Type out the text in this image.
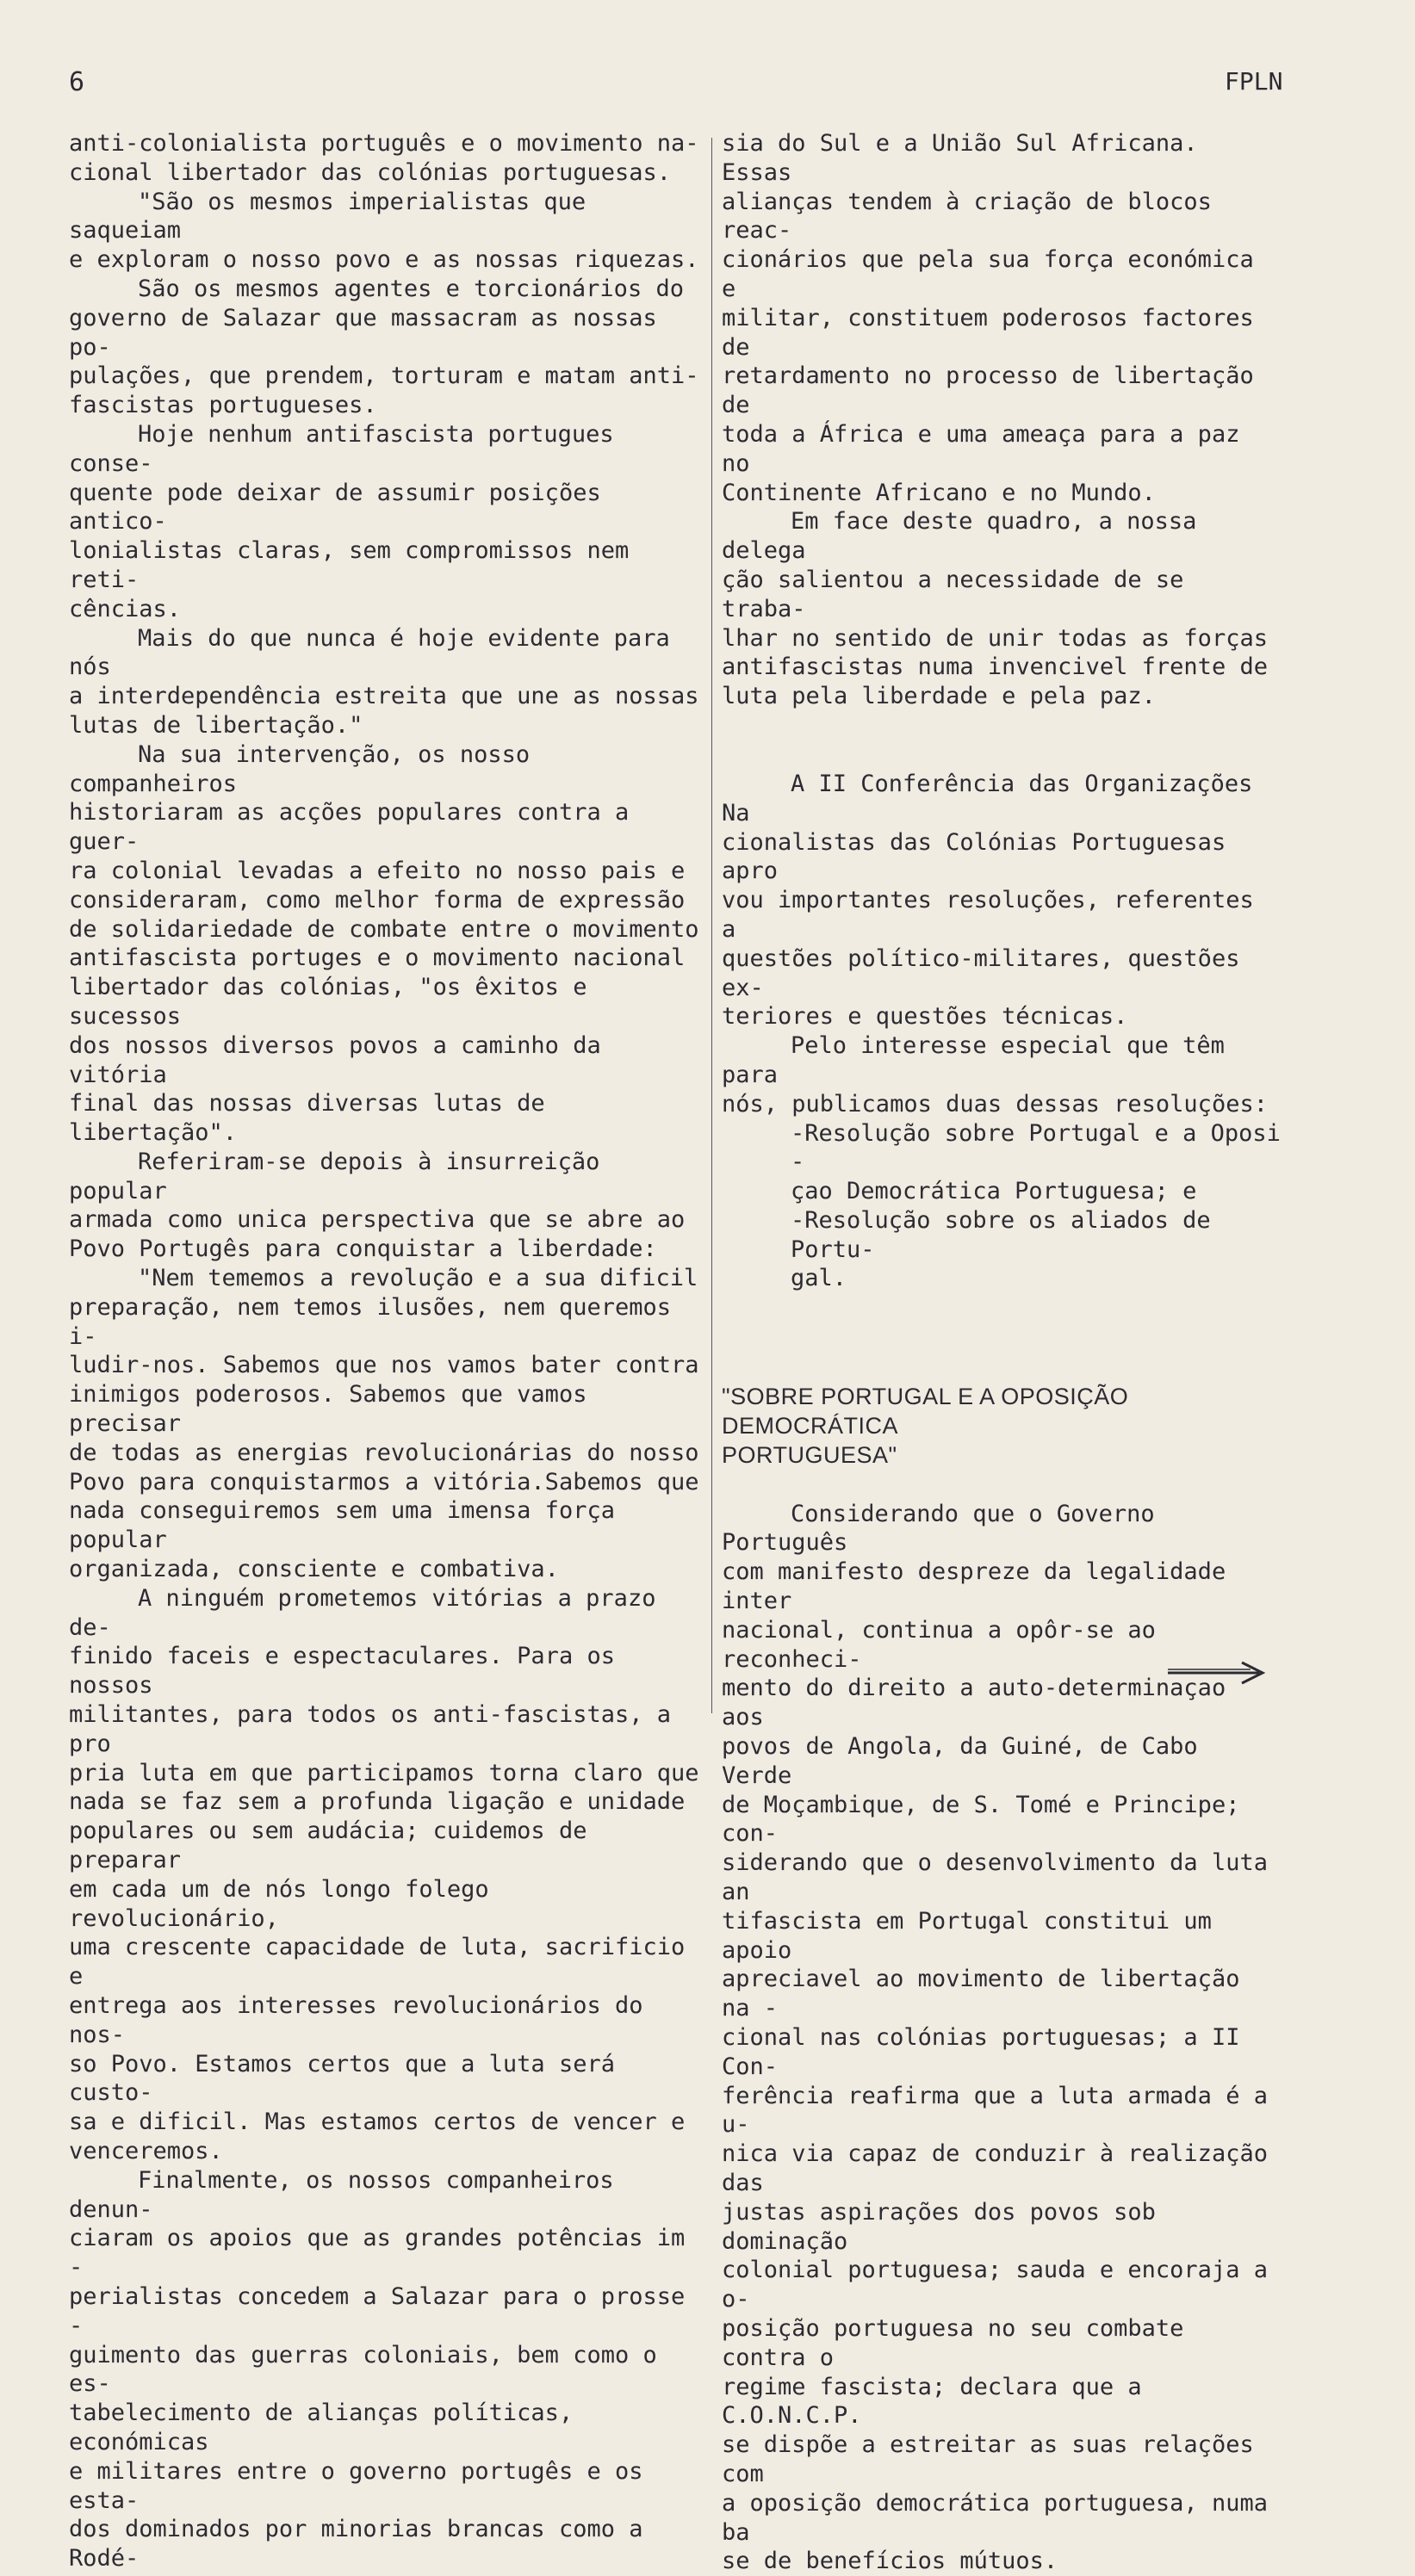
6	FPLN

anti-colonialista português e o movimento na-
cional libertador das colónias portuguesas.

"São os mesmos imperialistas que saqueiam
e exploram o nosso povo e as nossas riquezas.

São os mesmos agentes e torcionários do
governo de Salazar que massacram as nossas po-
pulações, que prendem, torturam e matam anti-
fascistas portugueses.

Hoje nenhum antifascista portugues conse-
quente pode deixar de assumir posições antico-
lonialistas claras, sem compromissos nem reti-
cências.

Mais do que nunca é hoje evidente para nós
a interdependência estreita que une as nossas
lutas de libertação."

Na sua intervenção, os nosso companheiros
historiaram as acções populares contra a guer-
ra colonial levadas a efeito no nosso pais e
consideraram, como melhor forma de expressão
de solidariedade de combate entre o movimento
antifascista portuges e o movimento nacional
libertador das colónias, "os êxitos e sucessos
dos nossos diversos povos a caminho da vitória
final das nossas diversas lutas de libertação".

Referiram-se depois à insurreição popular
armada como unica perspectiva que se abre ao
Povo Portugês para conquistar a liberdade:

"Nem tememos a revolução e a sua dificil
preparação, nem temos ilusões, nem queremos i-
ludir-nos. Sabemos que nos vamos bater contra
inimigos poderosos. Sabemos que vamos precisar
de todas as energias revolucionárias do nosso
Povo para conquistarmos a vitória.Sabemos que
nada conseguiremos sem uma imensa força popular
organizada, consciente e combativa.

A ninguém prometemos vitórias a prazo de-
finido faceis e espectaculares. Para os nossos
militantes, para todos os anti-fascistas, a pro
pria luta em que participamos torna claro que
nada se faz sem a profunda ligação e unidade
populares ou sem audácia; cuidemos de preparar
em cada um de nós longo folego revolucionário,
uma crescente capacidade de luta, sacrificio e
entrega aos interesses revolucionários do nos-
so Povo. Estamos certos que a luta será custo-
sa e dificil. Mas estamos certos de vencer e
venceremos.

Finalmente, os nossos companheiros denun-
ciaram os apoios que as grandes potências im -
perialistas concedem a Salazar para o prosse -
guimento das guerras coloniais, bem como o es-
tabelecimento de alianças políticas, económicas
e militares entre o governo portugês e os esta-
dos dominados por minorias brancas como a Rodé-

sia do Sul e a União Sul Africana. Essas
alianças tendem à criação de blocos reac-
cionários que pela sua força económica e
militar, constituem poderosos factores de
retardamento no processo de libertação de
toda a África e uma ameaça para a paz no
Continente Africano e no Mundo.

Em face deste quadro, a nossa delega
ção salientou a necessidade de se traba-
lhar no sentido de unir todas as forças
antifascistas numa invencivel frente de
luta pela liberdade e pela paz.

A II Conferência das Organizações Na
cionalistas das Colónias Portuguesas apro
vou importantes resoluções, referentes a
questões político-militares, questões ex-
teriores e questões técnicas.

Pelo interesse especial que têm para
nós, publicamos duas dessas resoluções:

-Resolução sobre Portugal e a Oposi -
çao Democrática Portuguesa; e

-Resolução sobre os aliados de Portu-
gal.

"SOBRE PORTUGAL E A OPOSIÇÃO DEMOCRÁTICA
PORTUGUESA"

Considerando que o Governo Português
com manifesto despreze da legalidade inter
nacional, continua a opôr-se ao reconheci-
mento do direito a auto-determinaçao aos
povos de Angola, da Guiné, de Cabo Verde
de Moçambique, de S. Tomé e Principe; con-
siderando que o desenvolvimento da luta an
tifascista em Portugal constitui um apoio
apreciavel ao movimento de libertação na -
cional nas colónias portuguesas; a II Con-
ferência reafirma que a luta armada é a u-
nica via capaz de conduzir à realização das
justas aspirações dos povos sob dominação
colonial portuguesa; sauda e encoraja a o-
posição portuguesa no seu combate contra o
regime fascista; declara que a C.O.N.C.P.
se dispõe a estreitar as suas relações com
a oposição democrática portuguesa, numa ba
se de benefícios mútuos.
